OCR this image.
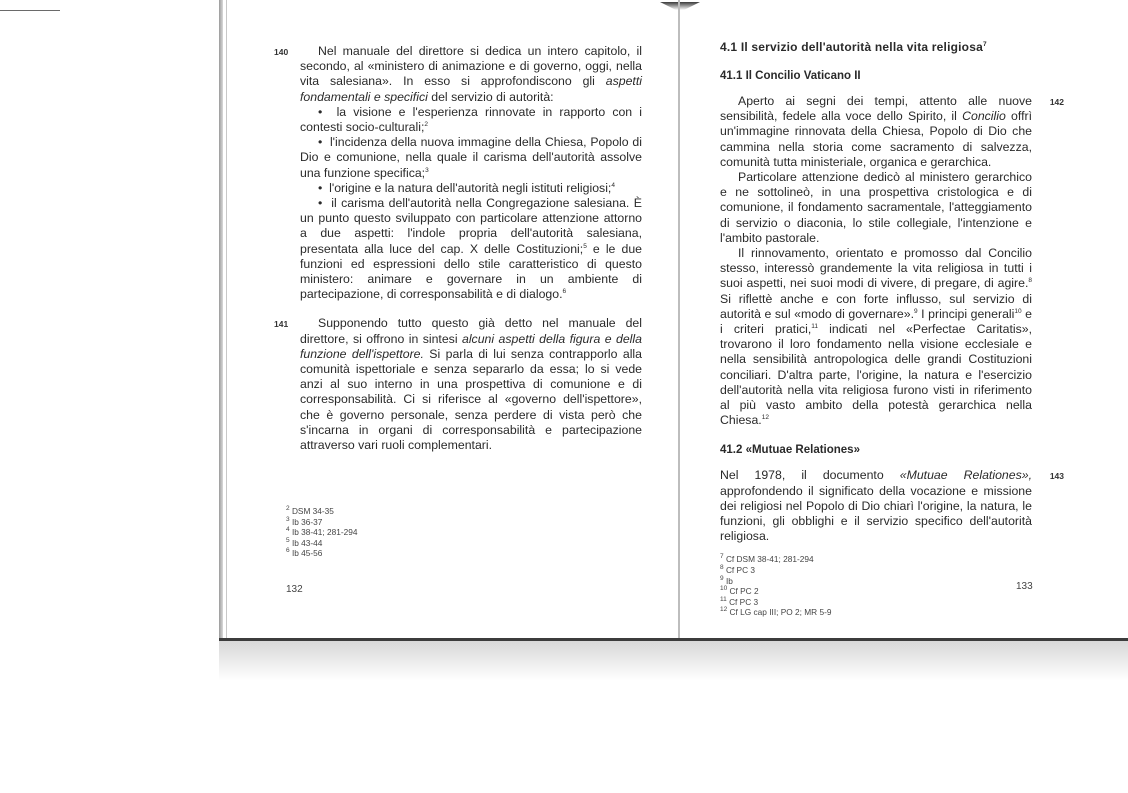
140	Nel manuale del direttore si dedica un intero capitolo, il secondo, al «ministero di animazione e di governo, oggi, nella vita salesiana». In esso si approfondiscono gli aspetti fondamentali e specifici del servizio di autorità:

•  la visione e l'esperienza rinnovate in rapporto con i contesti socio-culturali;$^2$

•  l'incidenza della nuova immagine della Chiesa, Popolo di Dio e comunione, nella quale il carisma dell'autorità assolve una funzione specifica;$^3$

•  l'origine e la natura dell'autorità negli istituti religiosi;$^4$

•  il carisma dell'autorità nella Congregazione salesiana. È un punto questo sviluppato con particolare attenzione attorno a due aspetti: l'indole propria dell'autorità salesiana, presentata alla luce del cap. X delle Costituzioni;$^5$ e le due funzioni ed espressioni dello stile caratteristico di questo ministero: animare e governare in un ambiente di partecipazione, di corresponsabilità e di dialogo.$^6$

141	Supponendo tutto questo già detto nel manuale del direttore, si offrono in sintesi alcuni aspetti della figura e della funzione dell'ispettore. Si parla di lui senza contrapporlo alla comunità ispettoriale e senza separarlo da essa; lo si vede anzi al suo interno in una prospettiva di comunione e di corresponsabilità. Ci si riferisce al «governo dell'ispettore», che è governo personale, senza perdere di vista però che s'incarna in organi di corresponsabilità e partecipazione attraverso vari ruoli complementari.

$^2$ DSM 34-35
$^3$ Ib 36-37
$^4$ Ib 38-41; 281-294
$^5$ Ib 43-44
$^6$ Ib 45-56
132
4.1 Il servizio dell'autorità nella vita religiosa$^7$
41.1 Il Concilio Vaticano II
142

Aperto ai segni dei tempi, attento alle nuove sensibilità, fedele alla voce dello Spirito, il Concilio offrì un'immagine rinnovata della Chiesa, Popolo di Dio che cammina nella storia come sacramento di salvezza, comunità tutta ministeriale, organica e gerarchica.

Particolare attenzione dedicò al ministero gerarchico e ne sottolineò, in una prospettiva cristologica e di comunione, il fondamento sacramentale, l'atteggiamento di servizio o diaconia, lo stile collegiale, l'intenzione e l'ambito pastorale.

Il rinnovamento, orientato e promosso dal Concilio stesso, interessò grandemente la vita religiosa in tutti i suoi aspetti, nei suoi modi di vivere, di pregare, di agire.$^8$ Si riflettè anche e con forte influsso, sul servizio di autorità e sul «modo di governare».$^9$ I principi generali$^{10}$ e i criteri pratici,$^{11}$ indicati nel «Perfectae Caritatis», trovarono il loro fondamento nella visione ecclesiale e nella sensibilità antropologica delle grandi Costituzioni conciliari. D'altra parte, l'origine, la natura e l'esercizio dell'autorità nella vita religiosa furono visti in riferimento al più vasto ambito della potestà gerarchica nella Chiesa.$^{12}$

41.2 «Mutuae Relationes»
143

Nel 1978, il documento «Mutuae Relationes», approfondendo il significato della vocazione e missione dei religiosi nel Popolo di Dio chiarì l'origine, la natura, le funzioni, gli obblighi e il servizio specifico dell'autorità religiosa.

$^7$ Cf DSM 38-41; 281-294
$^8$ Cf PC 3
$^9$ Ib
$^{10}$ Cf PC 2
$^{11}$ Cf PC 3
$^{12}$ Cf LG cap III; PO 2; MR 5-9
133
